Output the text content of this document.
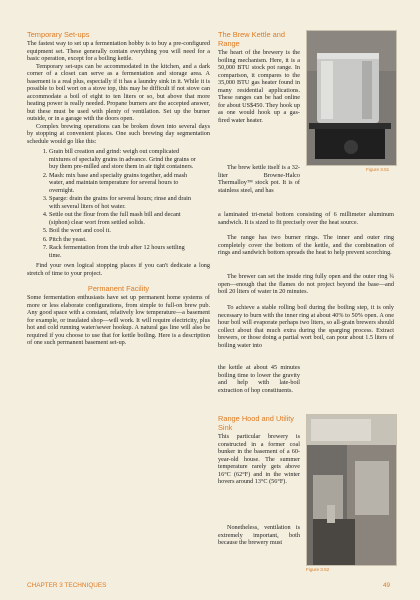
Temporary Set-ups

The fastest way to set up a fermentation hobby is to buy a pre-configured equipment set. These generally contain everything you will need for a basic operation, except for a boiling kettle.

Temporary set-ups can be accommodated in the kitchen, and a dark corner of a closet can serve as a fermentation and storage area. A basement is a real plus, especially if it has a laundry sink in it. While it is possible to boil wort on a stove top, this may be difficult if not stove can accommodate a boil of eight to ten liters or so, but above that more heating power is really needed. Propane burners are the accepted answer, but these must be used with plenty of ventilation. Set up the burner outside, or in a garage with the doors open.

Complex brewing operations can be broken down into several days by stopping at convenient places. One such brewing day segmentation schedule would go like this:

1. Grain bill creation and grind: weigh out complicated mixtures of specialty grains in advance. Grind the grains or buy them pre-milled and store them in air tight containers.
2. Mash: mix base and specialty grains together, add mash water, and maintain temperature for several hours to overnight.
3. Sparge: drain the grains for several hours; rinse and drain with several liters of hot water.
4. Settle out the flour from the full mash bill and decant (siphon) clear wort from settled solids.
5. Boil the wort and cool it.
6. Pitch the yeast.
7. Rack fermentation from the trub after 12 hours settling time.

Find your own logical stopping places if you can't dedicate a long stretch of time to your project.

Permanent Facility

Some fermentation enthusiasts have set up permanent home systems of more or less elaborate configurations, from simple to full-on brew pub. Any good space with a constant, relatively low temperature—a basement for example, or insulated shop—will work. It will require electricity, plus hot and cold running water/sewer hookup. A natural gas line will also be required if you choose to use that for kettle boiling. Here is a description of one such permanent basement set-up.

The Brew Kettle and Range

The heart of the brewery is the boiling mechanism. Here, it is a 50,000 BTU stock pot range. In comparison, it compares to the 35,000 BTU gas heater found in many residential applications. These ranges can be had online for about US$450. They hook up as one would hook up a gas-fired water heater.

The brew kettle itself is a 32-liter Browne-Halco Thermalloy™ stock pot. It is of stainless steel, and has

a laminated tri-metal bottom consisting of 6 millimeter aluminum sandwich. It is sized to fit precisely over the heat source.

The range has two burner rings. The inner and outer ring completely cover the bottom of the kettle, and the combination of rings and sandwich bottom spreads the heat to help prevent scorching.

The brewer can set the inside ring fully open and the outer ring ¾ open—enough that the flames do not project beyond the base—and boil 20 liters of water in 20 minutes.

To achieve a stable rolling boil during the boiling step, it is only necessary to burn with the inner ring at about 40% to 50% open. A one hour boil will evaporate perhaps two liters, so all-grain brewers should collect about that much extra during the sparging process. Extract brewers, or those doing a partial wort boil, can pour about 1.5 liters of boiling water into

the kettle at about 45 minutes boiling time to lower the gravity and help with late-boil extraction of hop constituents.

Range Hood and Utility Sink

This particular brewery is constructed in a former coal bunker in the basement of a 60-year-old house. The summer temperature rarely gets above 16°C (62°F) and in the winter hovers around 13°C (56°F).

Nonetheless, ventilation is extremely important, both because the brewery must

Figure 3.51
Figure 3.52
CHAPTER 3 TECHNIQUES	49
